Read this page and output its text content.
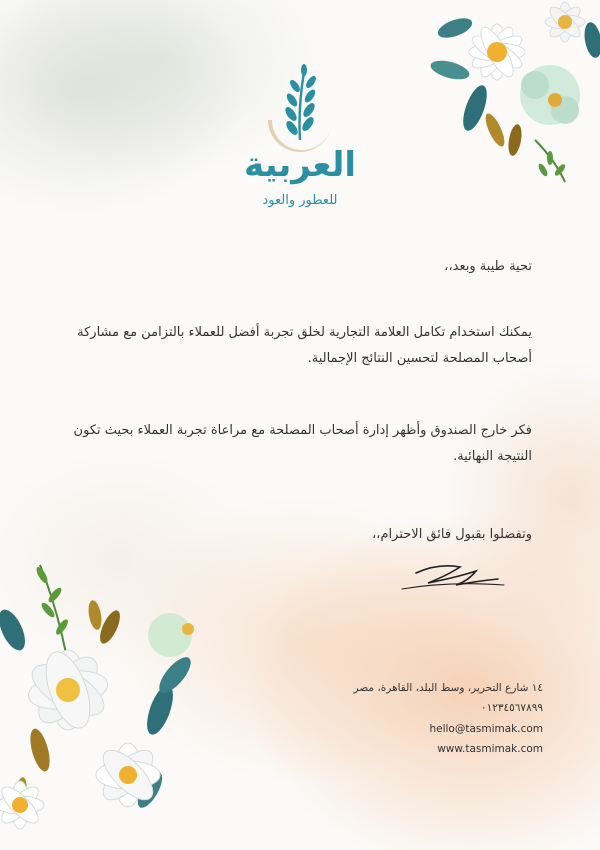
العربية
للعطور والعود
تحية طيبة وبعد،،
يمكنك استخدام تكامل العلامة التجارية لخلق تجربة أفضل للعملاء بالتزامن مع مشاركة أصحاب المصلحة لتحسين النتائج الإجمالية.
فكر خارج الصندوق وأظهر إدارة أصحاب المصلحة مع مراعاة تجربة العملاء بحيث تكون النتيجة النهائية.
وتفضلوا بقبول فائق الاحترام،،
١٤ شارع التحرير، وسط البلد، القاهرة، مصر
٠١٢٣٤٥٦٧٨٩٩
hello@tasmimak.com
www.tasmimak.com
